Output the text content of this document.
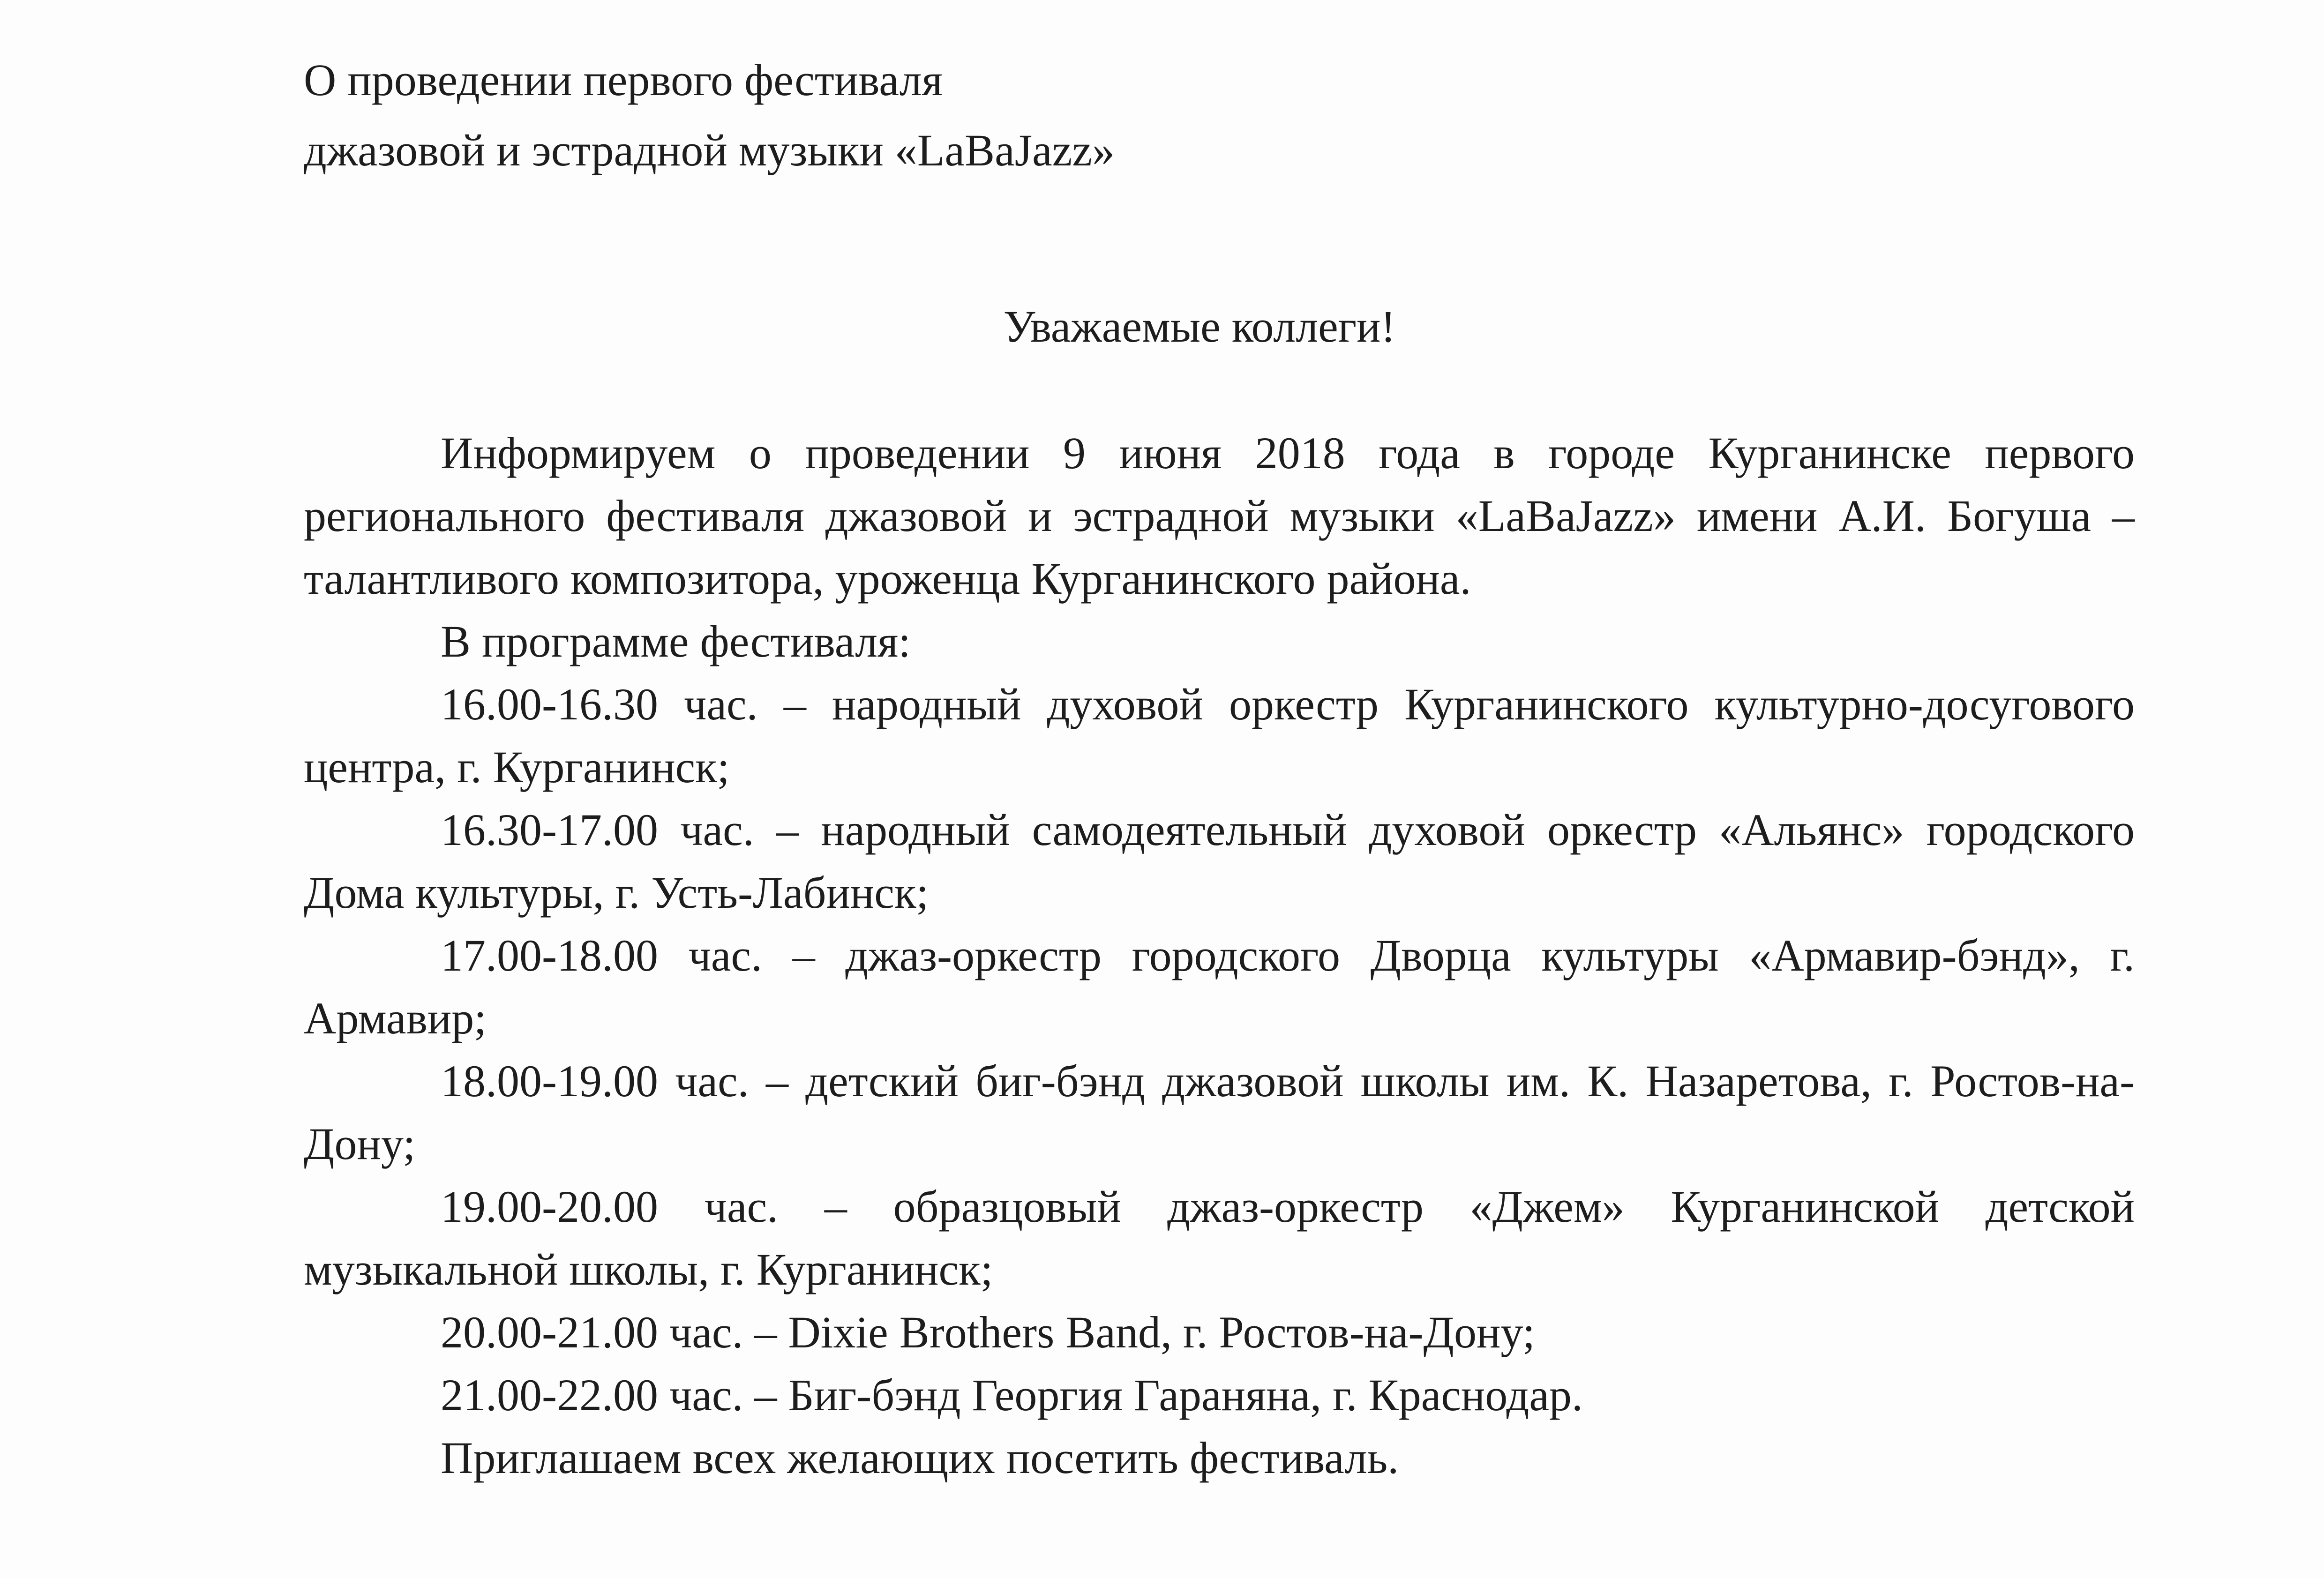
О проведении первого фестиваля
джазовой и эстрадной музыки «LaBaJazz»
Уважаемые коллеги!

Информируем о проведении 9 июня 2018 года в городе Курганинске первого регионального фестиваля джазовой и эстрадной музыки «LaBaJazz» имени А.И. Богуша – талантливого композитора, уроженца Курганинского района.

В программе фестиваля:

16.00-16.30 час. – народный духовой оркестр Курганинского культурно-досугового центра, г. Курганинск;

16.30-17.00 час. – народный самодеятельный духовой оркестр «Альянс» городского Дома культуры, г. Усть-Лабинск;

17.00-18.00 час. – джаз-оркестр городского Дворца культуры «Армавир-бэнд», г. Армавир;

18.00-19.00 час. – детский биг-бэнд джазовой школы им. К. Назаретова, г. Ростов-на-Дону;

19.00-20.00 час. – образцовый джаз-оркестр «Джем» Курганинской детской музыкальной школы, г. Курганинск;

20.00-21.00 час. – Dixie Brothers Band, г. Ростов-на-Дону;

21.00-22.00 час. – Биг-бэнд Георгия Гараняна, г. Краснодар.

Приглашаем всех желающих посетить фестиваль.
